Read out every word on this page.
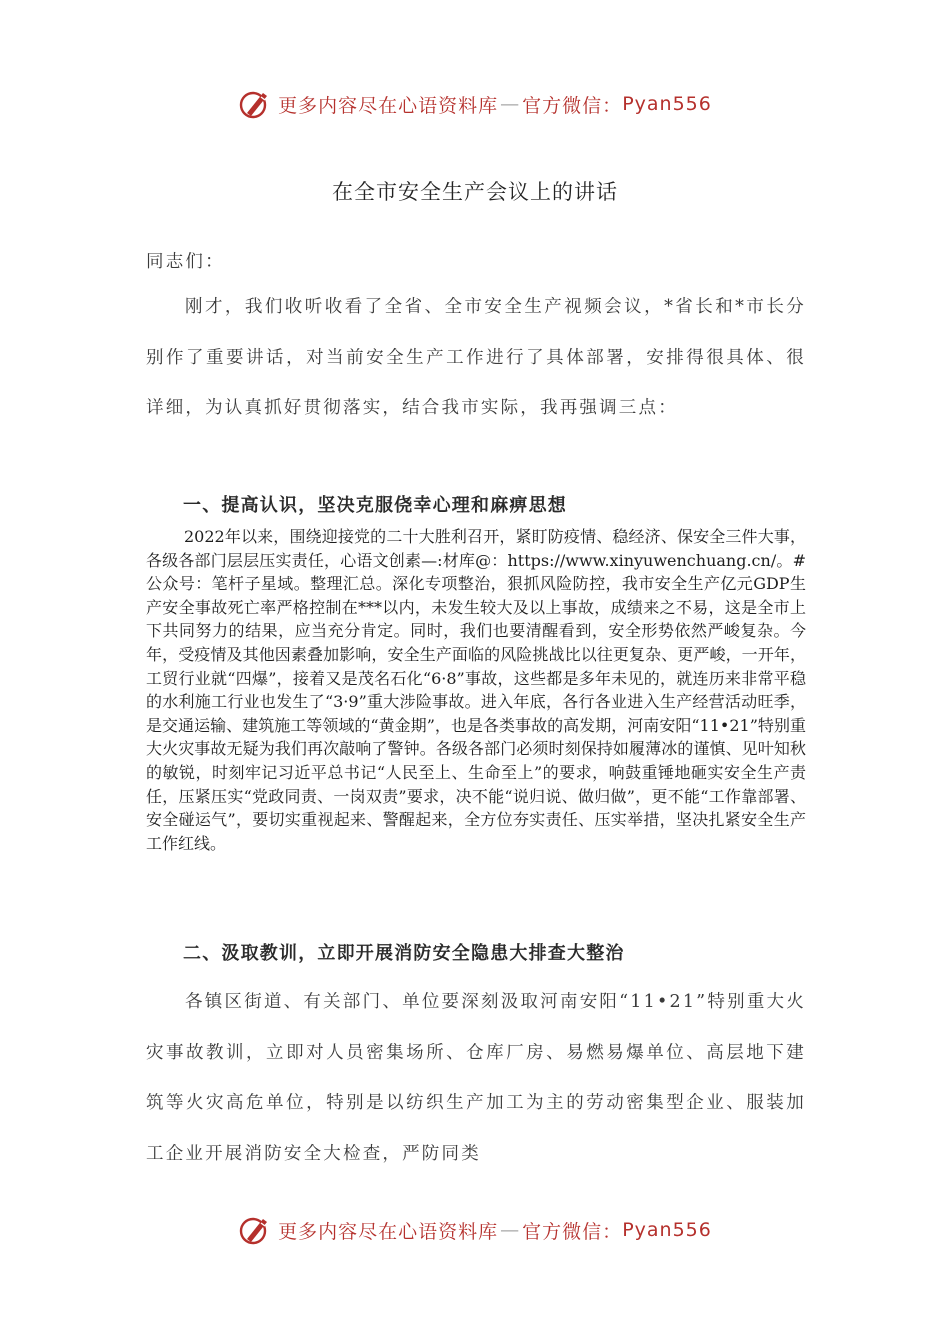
更多内容尽在心语资料库 — 官方微信： Pyan556
在全市安全生产会议上的讲话

同志们：

刚才，我们收听收看了全省、全市安全生产视频会议，*省长和*市长分别作了重要讲话，对当前安全生产工作进行了具体部署，安排得很具体、很详细，为认真抓好贯彻落实，结合我市实际，我再强调三点：

一、提高认识，坚决克服侥幸心理和麻痹思想

2022年以来，围绕迎接党的二十大胜利召开，紧盯防疫情、稳经济、保安全三件大事，各级各部门层层压实责任，心语文创素—:材库@：https://www.xinyuwenchuang.cn/。#公众号：笔杆子星域。整理汇总。深化专项整治，狠抓风险防控，我市安全生产亿元GDP生产安全事故死亡率严格控制在***以内，未发生较大及以上事故，成绩来之不易，这是全市上下共同努力的结果，应当充分肯定。同时，我们也要清醒看到，安全形势依然严峻复杂。今年，受疫情及其他因素叠加影响，安全生产面临的风险挑战比以往更复杂、更严峻，一开年，工贸行业就“四爆”，接着又是茂名石化“6·8”事故，这些都是多年未见的，就连历来非常平稳的水利施工行业也发生了“3·9”重大涉险事故。进入年底，各行各业进入生产经营活动旺季，是交通运输、建筑施工等领域的“黄金期”，也是各类事故的高发期，河南安阳“11•21”特别重大火灾事故无疑为我们再次敲响了警钟。各级各部门必须时刻保持如履薄冰的谨慎、见叶知秋的敏锐，时刻牢记习近平总书记“人民至上、生命至上”的要求，响鼓重锤地砸实安全生产责任，压紧压实“党政同责、一岗双责”要求，决不能“说归说、做归做”，更不能“工作靠部署、安全碰运气”，要切实重视起来、警醒起来，全方位夯实责任、压实举措，坚决扎紧安全生产工作红线。

二、汲取教训，立即开展消防安全隐患大排查大整治

各镇区街道、有关部门、单位要深刻汲取河南安阳“11•21”特别重大火灾事故教训，立即对人员密集场所、仓库厂房、易燃易爆单位、高层地下建筑等火灾高危单位，特别是以纺织生产加工为主的劳动密集型企业、服装加工企业开展消防安全大检查，严防同类

更多内容尽在心语资料库 — 官方微信： Pyan556
